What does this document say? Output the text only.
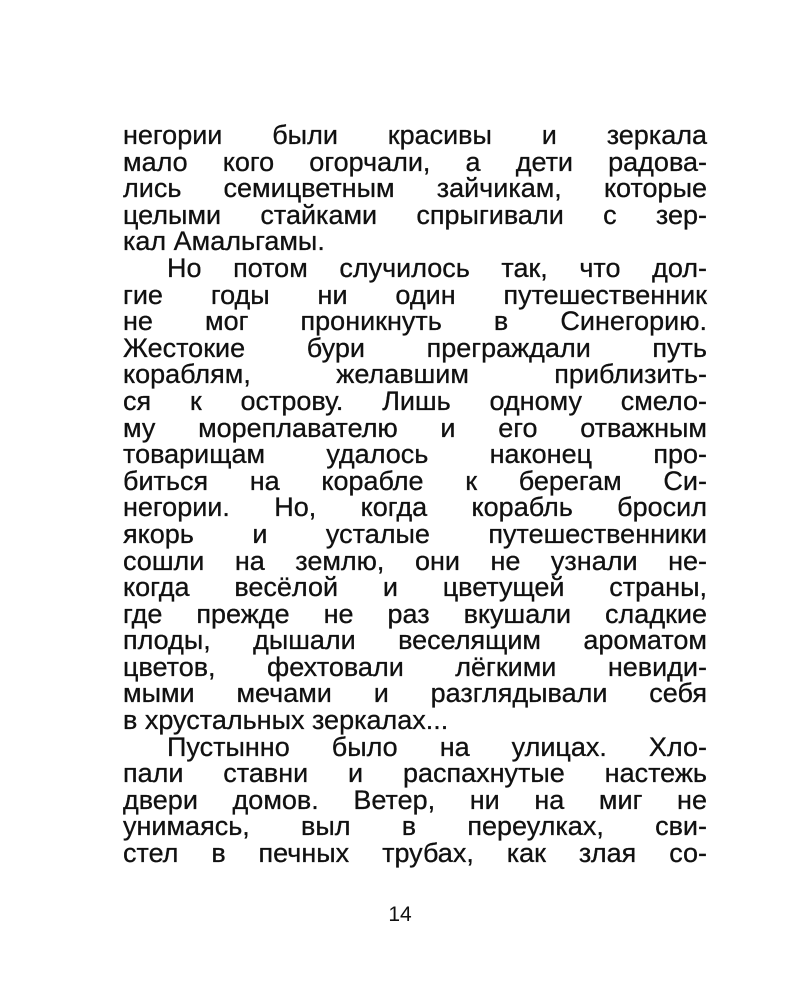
негории были красивы и зеркала
мало кого огорчали, а дети радова-
лись семицветным зайчикам, которые
целыми стайками спрыгивали с зер-
кал Амальгамы.
Но потом случилось так, что дол-
гие годы ни один путешественник
не мог проникнуть в Синегорию.
Жестокие бури преграждали путь
кораблям, желавшим приблизить-
ся к острову. Лишь одному смело-
му мореплавателю и его отважным
товарищам удалось наконец про-
биться на корабле к берегам Си-
негории. Но, когда корабль бросил
якорь и усталые путешественники
сошли на землю, они не узнали не-
когда весёлой и цветущей страны,
где прежде не раз вкушали сладкие
плоды, дышали веселящим ароматом
цветов, фехтовали лёгкими невиди-
мыми мечами и разглядывали себя
в хрустальных зеркалах...
Пустынно было на улицах. Хло-
пали ставни и распахнутые настежь
двери домов. Ветер, ни на миг не
унимаясь, выл в переулках, сви-
стел в печных трубах, как злая со-
14
